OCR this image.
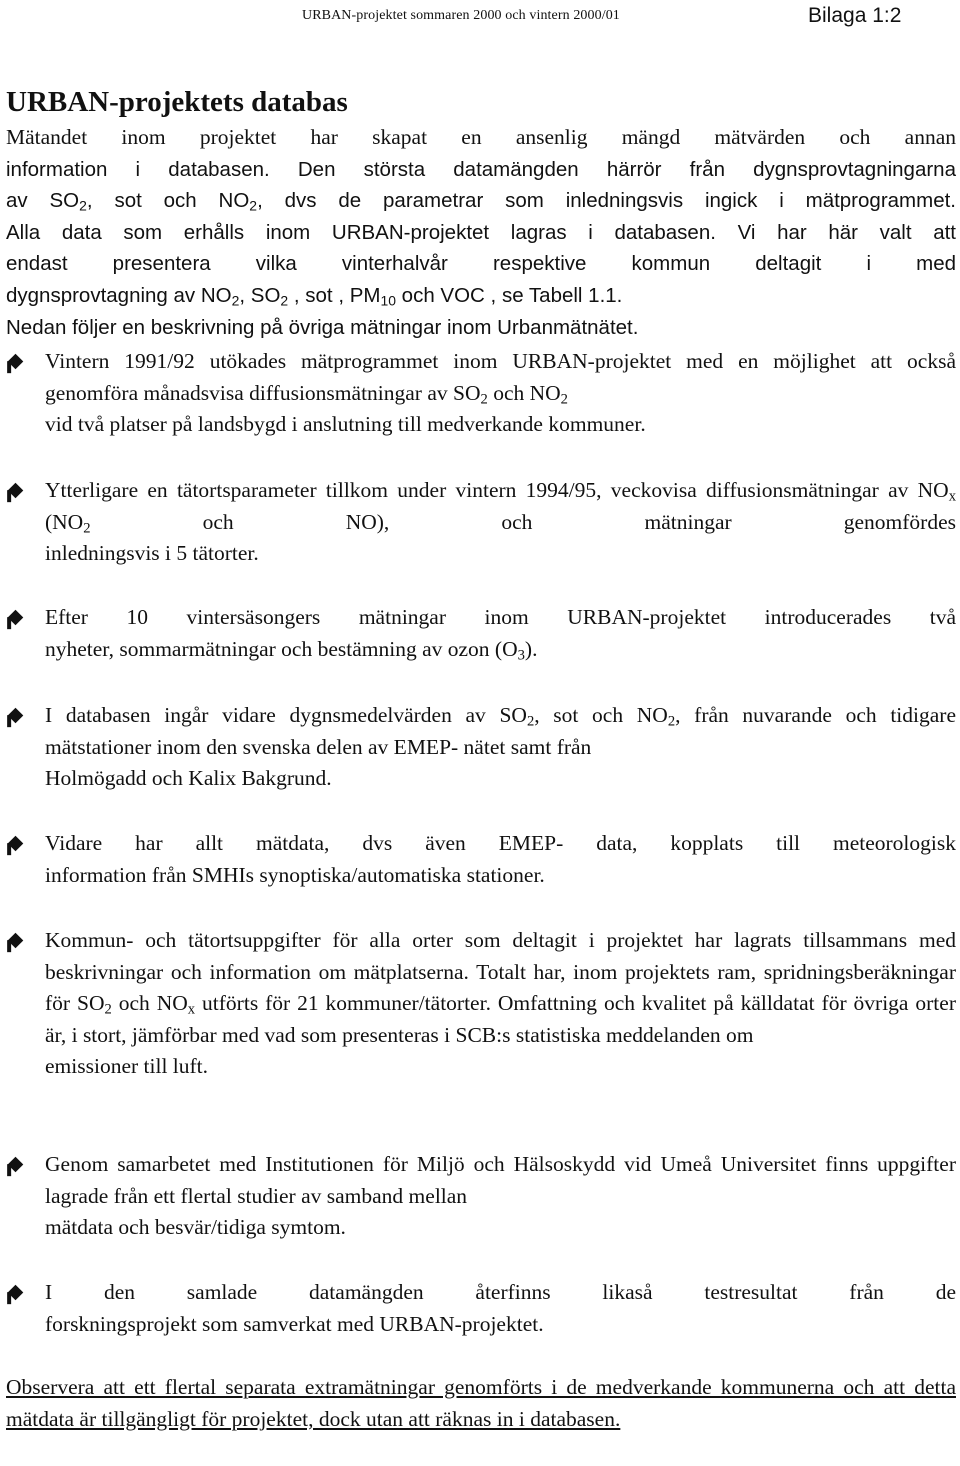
URBAN-projektet sommaren 2000 och vintern 2000/01	Bilaga 1:2
URBAN-projektets databas
Mätandet inom projektet har skapat en ansenlig mängd mätvärden och annan
information i databasen. Den största datamängden härrör från dygnsprovtagningarna
av $SO_2$, sot och $NO_2$, dvs de parametrar som inledningsvis ingick i mätprogrammet.
Alla data som erhålls inom URBAN-projektet lagras i databasen. Vi har här valt att
endast presentera vilka vinterhalvår respektive kommun deltagit i med
dygnsprovtagning av $NO_2$, $SO_2$ , sot , $PM_{10}$ och VOC , se Tabell 1.1.
Nedan följer en beskrivning på övriga mätningar inom Urbanmätnätet.
Vintern 1991/92 utökades mätprogrammet inom URBAN-projektet med en möjlighet att också genomföra månadsvisa diffusionsmätningar av $SO_2$ och $NO_2$
vid två platser på landsbygd i anslutning till medverkande kommuner.
Ytterligare en tätortsparameter tillkom under vintern 1994/95, veckovisa diffusionsmätningar av $NO_x$ ($NO_2$ och NO), och mätningar genomfördes
inledningsvis i 5 tätorter.
Efter 10 vintersäsongers mätningar inom URBAN-projektet introducerades två
nyheter, sommarmätningar och bestämning av ozon $(O_3)$.
I databasen ingår vidare dygnsmedelvärden av $SO_2$, sot och $NO_2$, från nuvarande och tidigare mätstationer inom den svenska delen av EMEP- nätet samt från
Holmögadd och Kalix Bakgrund.
Vidare har allt mätdata, dvs även EMEP- data, kopplats till meteorologisk
information från SMHIs synoptiska/automatiska stationer.
Kommun- och tätortsuppgifter för alla orter som deltagit i projektet har lagrats tillsammans med beskrivningar och information om mätplatserna. Totalt har, inom projektets ram, spridningsberäkningar för $SO_2$ och $NO_x$ utförts för 21 kommuner/tätorter. Omfattning och kvalitet på källdatat för övriga orter är, i stort, jämförbar med vad som presenteras i SCB:s statistiska meddelanden om
emissioner till luft.
Genom samarbetet med Institutionen för Miljö och Hälsoskydd vid Umeå Universitet finns uppgifter lagrade från ett flertal studier av samband mellan
mätdata och besvär/tidiga symtom.
I den samlade datamängden återfinns likaså testresultat från de
forskningsprojekt som samverkat med URBAN-projektet.
Observera att ett flertal separata extramätningar genomförts i de medverkande kommunerna och att detta mätdata är tillgängligt för projektet, dock utan att räknas in i databasen.
